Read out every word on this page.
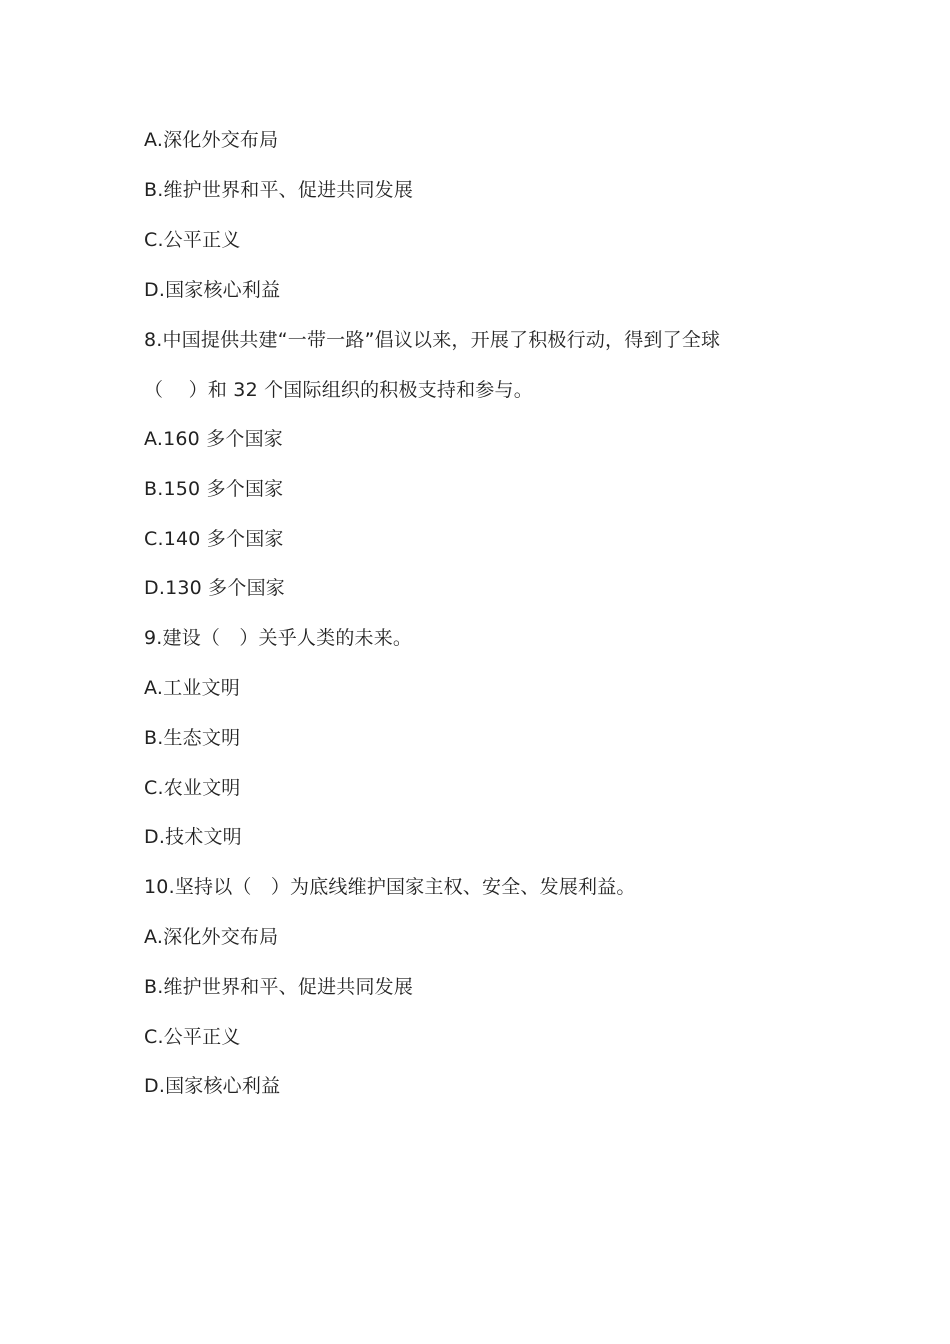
A.深化外交布局
B.维护世界和平、促进共同发展
C.公平正义
D.国家核心利益
8.中国提供共建“一带一路”倡议以来，开展了积极行动，得到了全球
（　 ）和 32 个国际组织的积极支持和参与。
A.160 多个国家
B.150 多个国家
C.140 多个国家
D.130 多个国家
9.建设（　）关乎人类的未来。
A.工业文明
B.生态文明
C.农业文明
D.技术文明
10.坚持以（　）为底线维护国家主权、安全、发展利益。
A.深化外交布局
B.维护世界和平、促进共同发展
C.公平正义
D.国家核心利益
